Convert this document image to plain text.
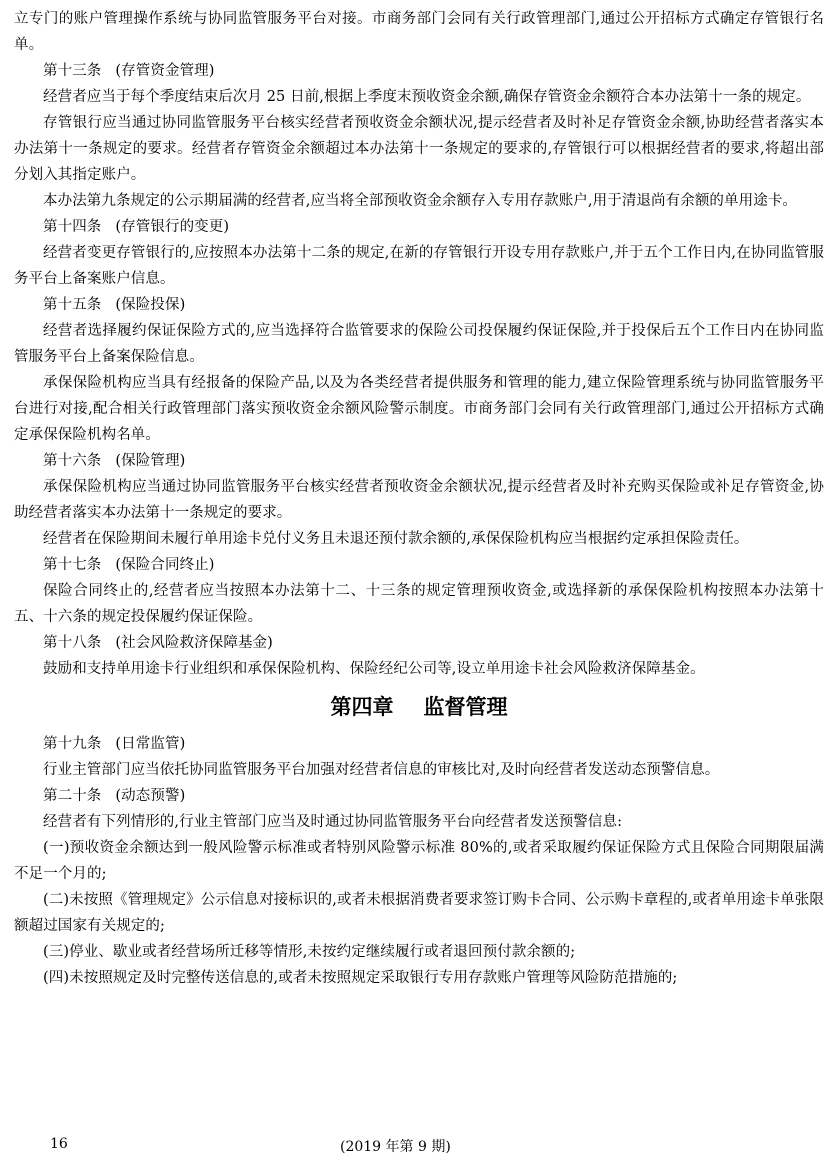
立专门的账户管理操作系统与协同监管服务平台对接。市商务部门会同有关行政管理部门,通过公开招标方式确定存管银行名单。

第十三条 (存管资金管理)

经营者应当于每个季度结束后次月 25 日前,根据上季度末预收资金余额,确保存管资金余额符合本办法第十一条的规定。

存管银行应当通过协同监管服务平台核实经营者预收资金余额状况,提示经营者及时补足存管资金余额,协助经营者落实本办法第十一条规定的要求。经营者存管资金余额超过本办法第十一条规定的要求的,存管银行可以根据经营者的要求,将超出部分划入其指定账户。

本办法第九条规定的公示期届满的经营者,应当将全部预收资金余额存入专用存款账户,用于清退尚有余额的单用途卡。

第十四条 (存管银行的变更)

经营者变更存管银行的,应按照本办法第十二条的规定,在新的存管银行开设专用存款账户,并于五个工作日内,在协同监管服务平台上备案账户信息。

第十五条 (保险投保)

经营者选择履约保证保险方式的,应当选择符合监管要求的保险公司投保履约保证保险,并于投保后五个工作日内在协同监管服务平台上备案保险信息。

承保保险机构应当具有经报备的保险产品,以及为各类经营者提供服务和管理的能力,建立保险管理系统与协同监管服务平台进行对接,配合相关行政管理部门落实预收资金余额风险警示制度。市商务部门会同有关行政管理部门,通过公开招标方式确定承保保险机构名单。

第十六条 (保险管理)

承保保险机构应当通过协同监管服务平台核实经营者预收资金余额状况,提示经营者及时补充购买保险或补足存管资金,协助经营者落实本办法第十一条规定的要求。

经营者在保险期间未履行单用途卡兑付义务且未退还预付款余额的,承保保险机构应当根据约定承担保险责任。

第十七条 (保险合同终止)

保险合同终止的,经营者应当按照本办法第十二、十三条的规定管理预收资金,或选择新的承保保险机构按照本办法第十五、十六条的规定投保履约保证保险。

第十八条 (社会风险救济保障基金)

鼓励和支持单用途卡行业组织和承保保险机构、保险经纪公司等,设立单用途卡社会风险救济保障基金。

第四章 监督管理

第十九条 (日常监管)

行业主管部门应当依托协同监管服务平台加强对经营者信息的审核比对,及时向经营者发送动态预警信息。

第二十条 (动态预警)

经营者有下列情形的,行业主管部门应当及时通过协同监管服务平台向经营者发送预警信息:

(一)预收资金余额达到一般风险警示标准或者特别风险警示标准 80%的,或者采取履约保证保险方式且保险合同期限届满不足一个月的;

(二)未按照《管理规定》公示信息对接标识的,或者未根据消费者要求签订购卡合同、公示购卡章程的,或者单用途卡单张限额超过国家有关规定的;

(三)停业、歇业或者经营场所迁移等情形,未按约定继续履行或者退回预付款余额的;

(四)未按照规定及时完整传送信息的,或者未按照规定采取银行专用存款账户管理等风险防范措施的;

16	(2019 年第 9 期)
